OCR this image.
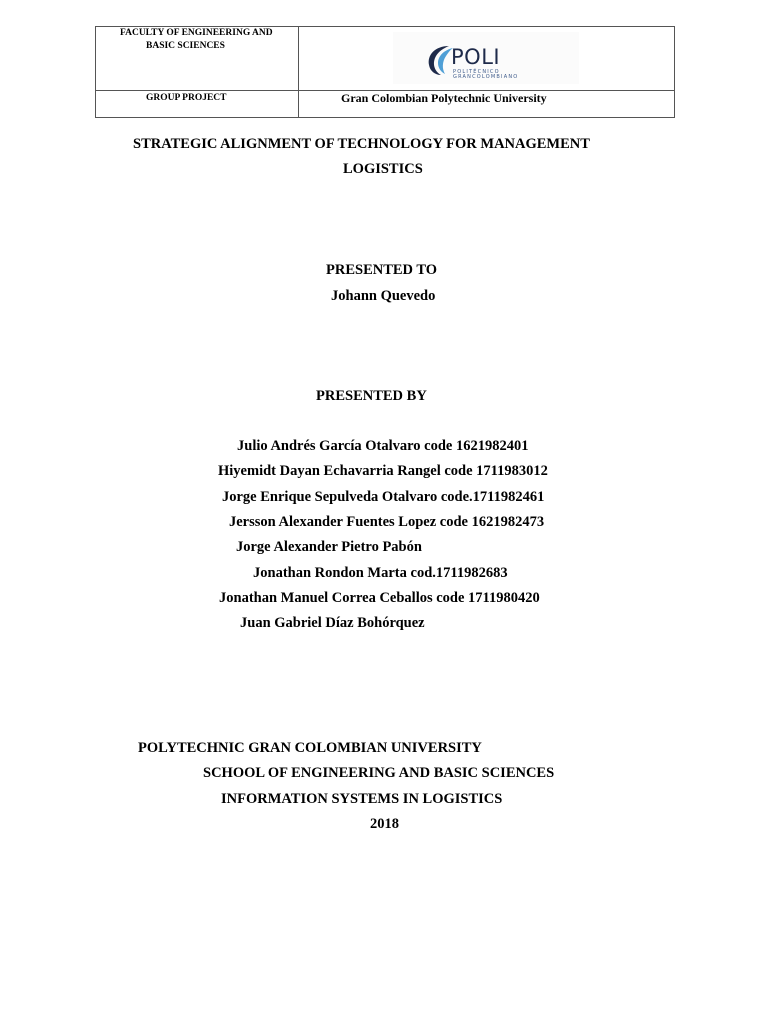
FACULTY OF ENGINEERING AND
BASIC SCIENCES	POLI
POLITÉCNICO
GRANCOLOMBIANO
GROUP PROJECT	Gran Colombian Polytechnic University
STRATEGIC ALIGNMENT OF TECHNOLOGY FOR MANAGEMENT
LOGISTICS
PRESENTED TO
Johann Quevedo
PRESENTED BY
Julio Andrés García Otalvaro code 1621982401
Hiyemidt Dayan Echavarria Rangel code 1711983012
Jorge Enrique Sepulveda Otalvaro code.1711982461
Jersson Alexander Fuentes Lopez code 1621982473
Jorge Alexander Pietro Pabón
Jonathan Rondon Marta cod.1711982683
Jonathan Manuel Correa Ceballos code 1711980420
Juan Gabriel Díaz Bohórquez
POLYTECHNIC GRAN COLOMBIAN UNIVERSITY
SCHOOL OF ENGINEERING AND BASIC SCIENCES
INFORMATION SYSTEMS IN LOGISTICS
2018
